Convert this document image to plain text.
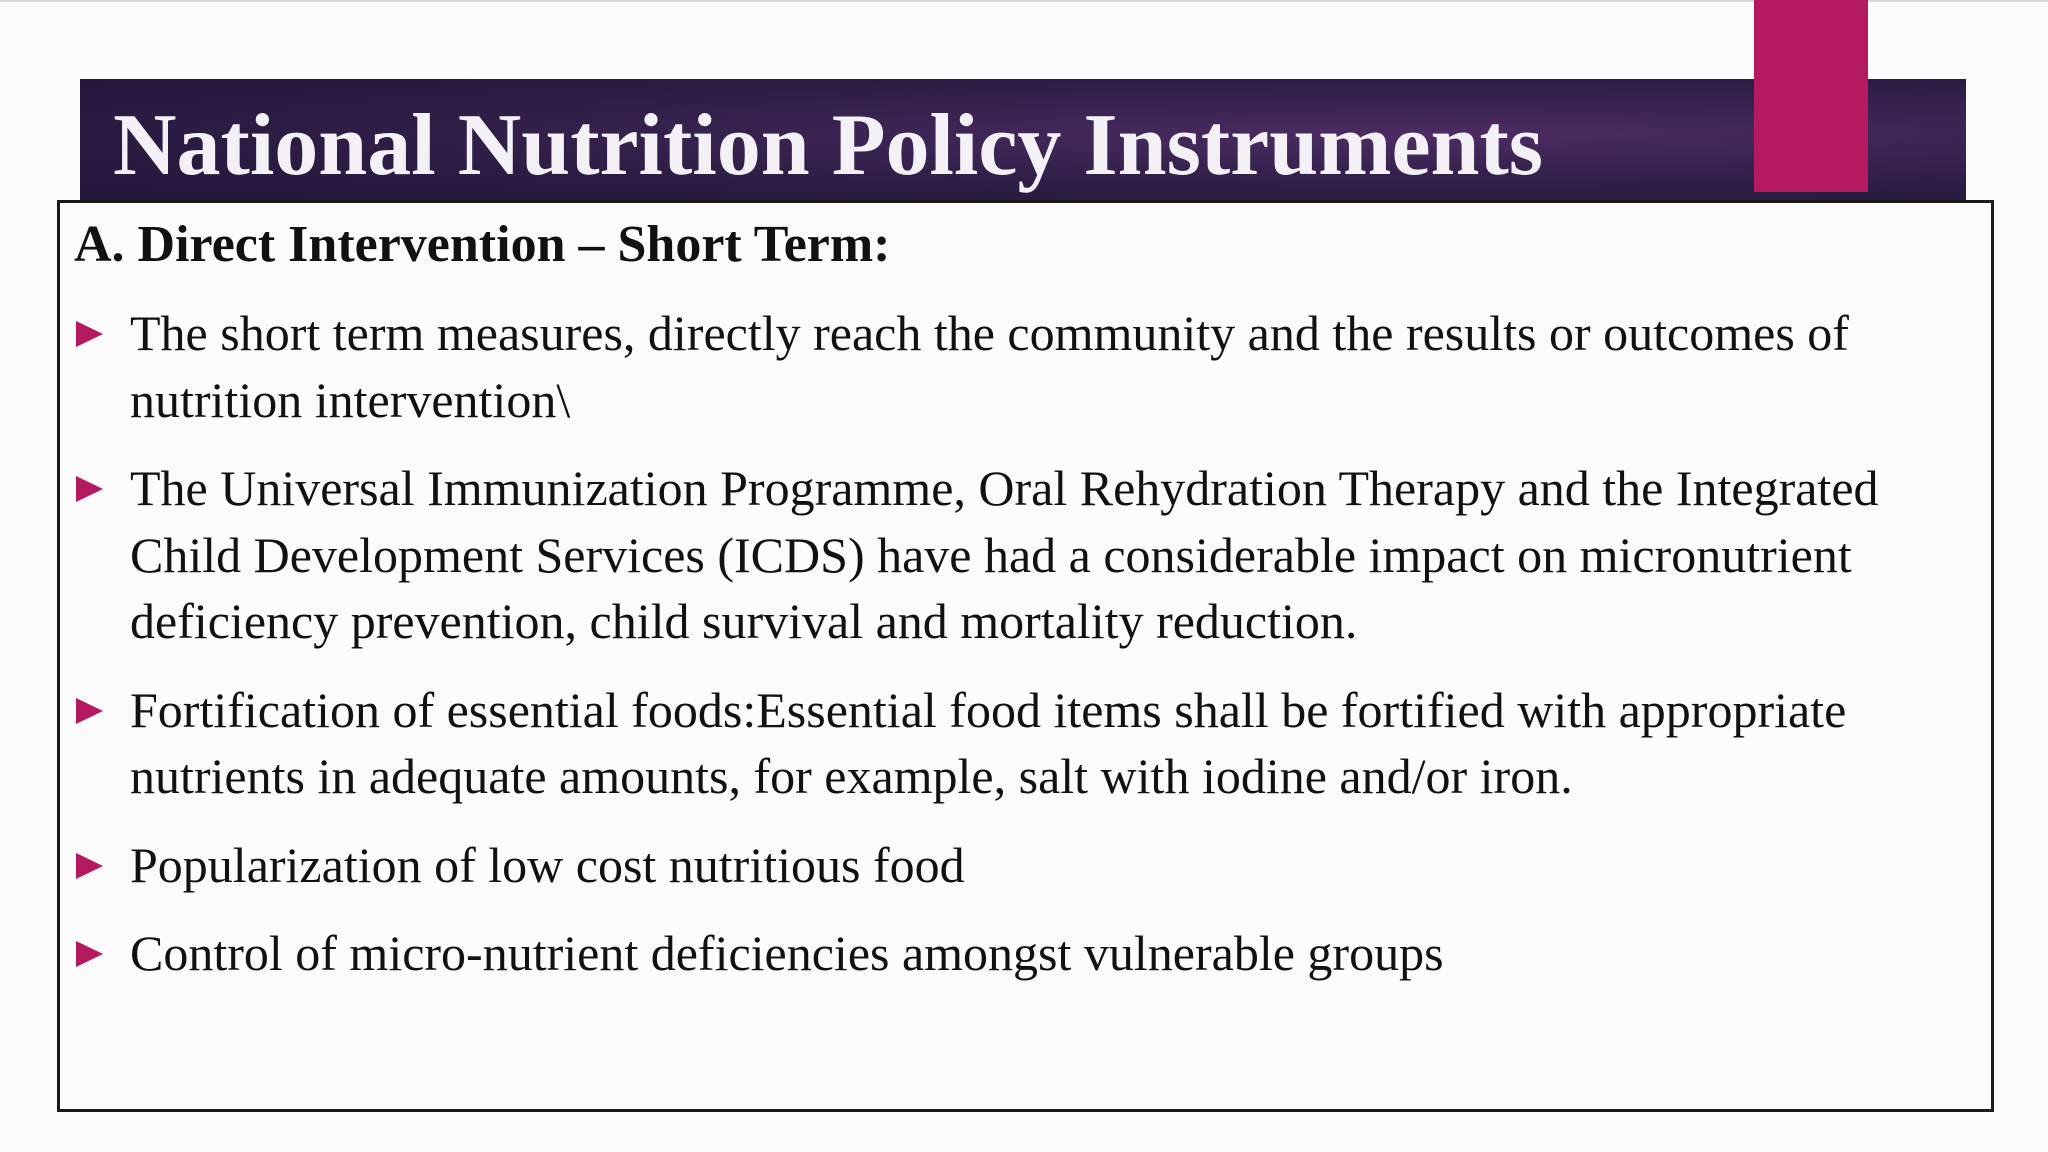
National Nutrition Policy Instruments
A. Direct Intervention – Short Term:
The short term measures, directly reach the community and the results or outcomes of nutrition intervention\
The Universal Immunization Programme, Oral Rehydration Therapy and the Integrated Child Development Services (ICDS) have had a considerable impact on micronutrient deficiency prevention, child survival and mortality reduction.
Fortification of essential foods:Essential food items shall be fortified with appropriate nutrients in adequate amounts, for example, salt with iodine and/or iron.
Popularization of low cost nutritious food
Control of micro-nutrient deficiencies amongst vulnerable groups
